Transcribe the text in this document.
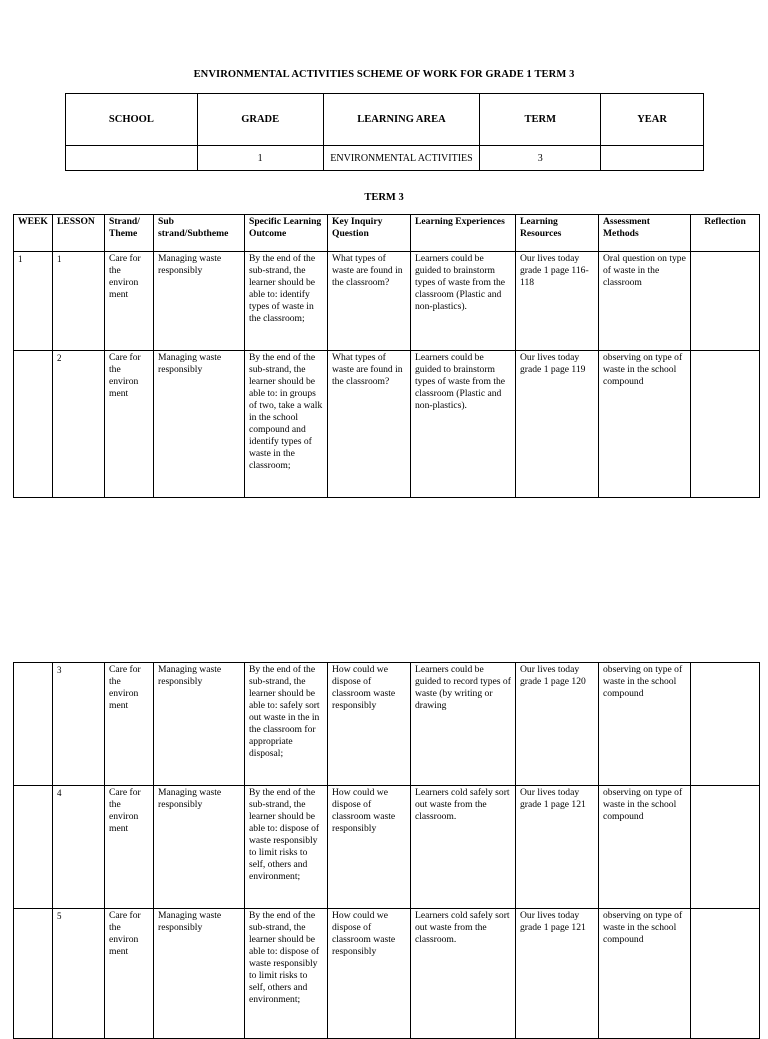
ENVIRONMENTAL ACTIVITIES SCHEME OF WORK FOR GRADE 1 TERM 3
SCHOOL	GRADE	LEARNING AREA	TERM	YEAR
	1	ENVIRONMENTAL ACTIVITIES	3	
TERM 3
WEEK	LESSON	Strand/ Theme	Sub strand/Subtheme	Specific Learning Outcome	Key Inquiry Question	Learning Experiences	Learning Resources	Assessment Methods	Reflection
1	1	Care for the environ ment	Managing waste responsibly	By the end of the sub-strand, the learner should be able to: identify types of waste in the classroom;	What types of waste are found in the classroom?	Learners could be guided to brainstorm types of waste from the classroom (Plastic and non-plastics).	Our lives today grade 1 page 116-118	Oral question on type of waste in the classroom	
	2	Care for the environ ment	Managing waste responsibly	By the end of the sub-strand, the learner should be able to: in groups of two, take a walk in the school compound and identify types of waste in the classroom;	What types of waste are found in the classroom?	Learners could be guided to brainstorm types of waste from the classroom (Plastic and non-plastics).	Our lives today grade 1 page 119	observing on type of waste in the school compound	
	3	Care for the environ ment	Managing waste responsibly	By the end of the sub-strand, the learner should be able to: safely sort out waste in the in the classroom for appropriate disposal;	How could we dispose of classroom waste responsibly	Learners could be guided to record types of waste (by writing or drawing	Our lives today grade 1 page 120	observing on type of waste in the school compound	
	4	Care for the environ ment	Managing waste responsibly	By the end of the sub-strand, the learner should be able to: dispose of waste responsibly to limit risks to self, others and environment;	How could we dispose of classroom waste responsibly	Learners cold safely sort out waste from the classroom.	Our lives today grade 1 page 121	observing on type of waste in the school compound	
	5	Care for the environ ment	Managing waste responsibly	By the end of the sub-strand, the learner should be able to: dispose of waste responsibly to limit risks to self, others and environment;	How could we dispose of classroom waste responsibly	Learners cold safely sort out waste from the classroom.	Our lives today grade 1 page 121	observing on type of waste in the school compound	
